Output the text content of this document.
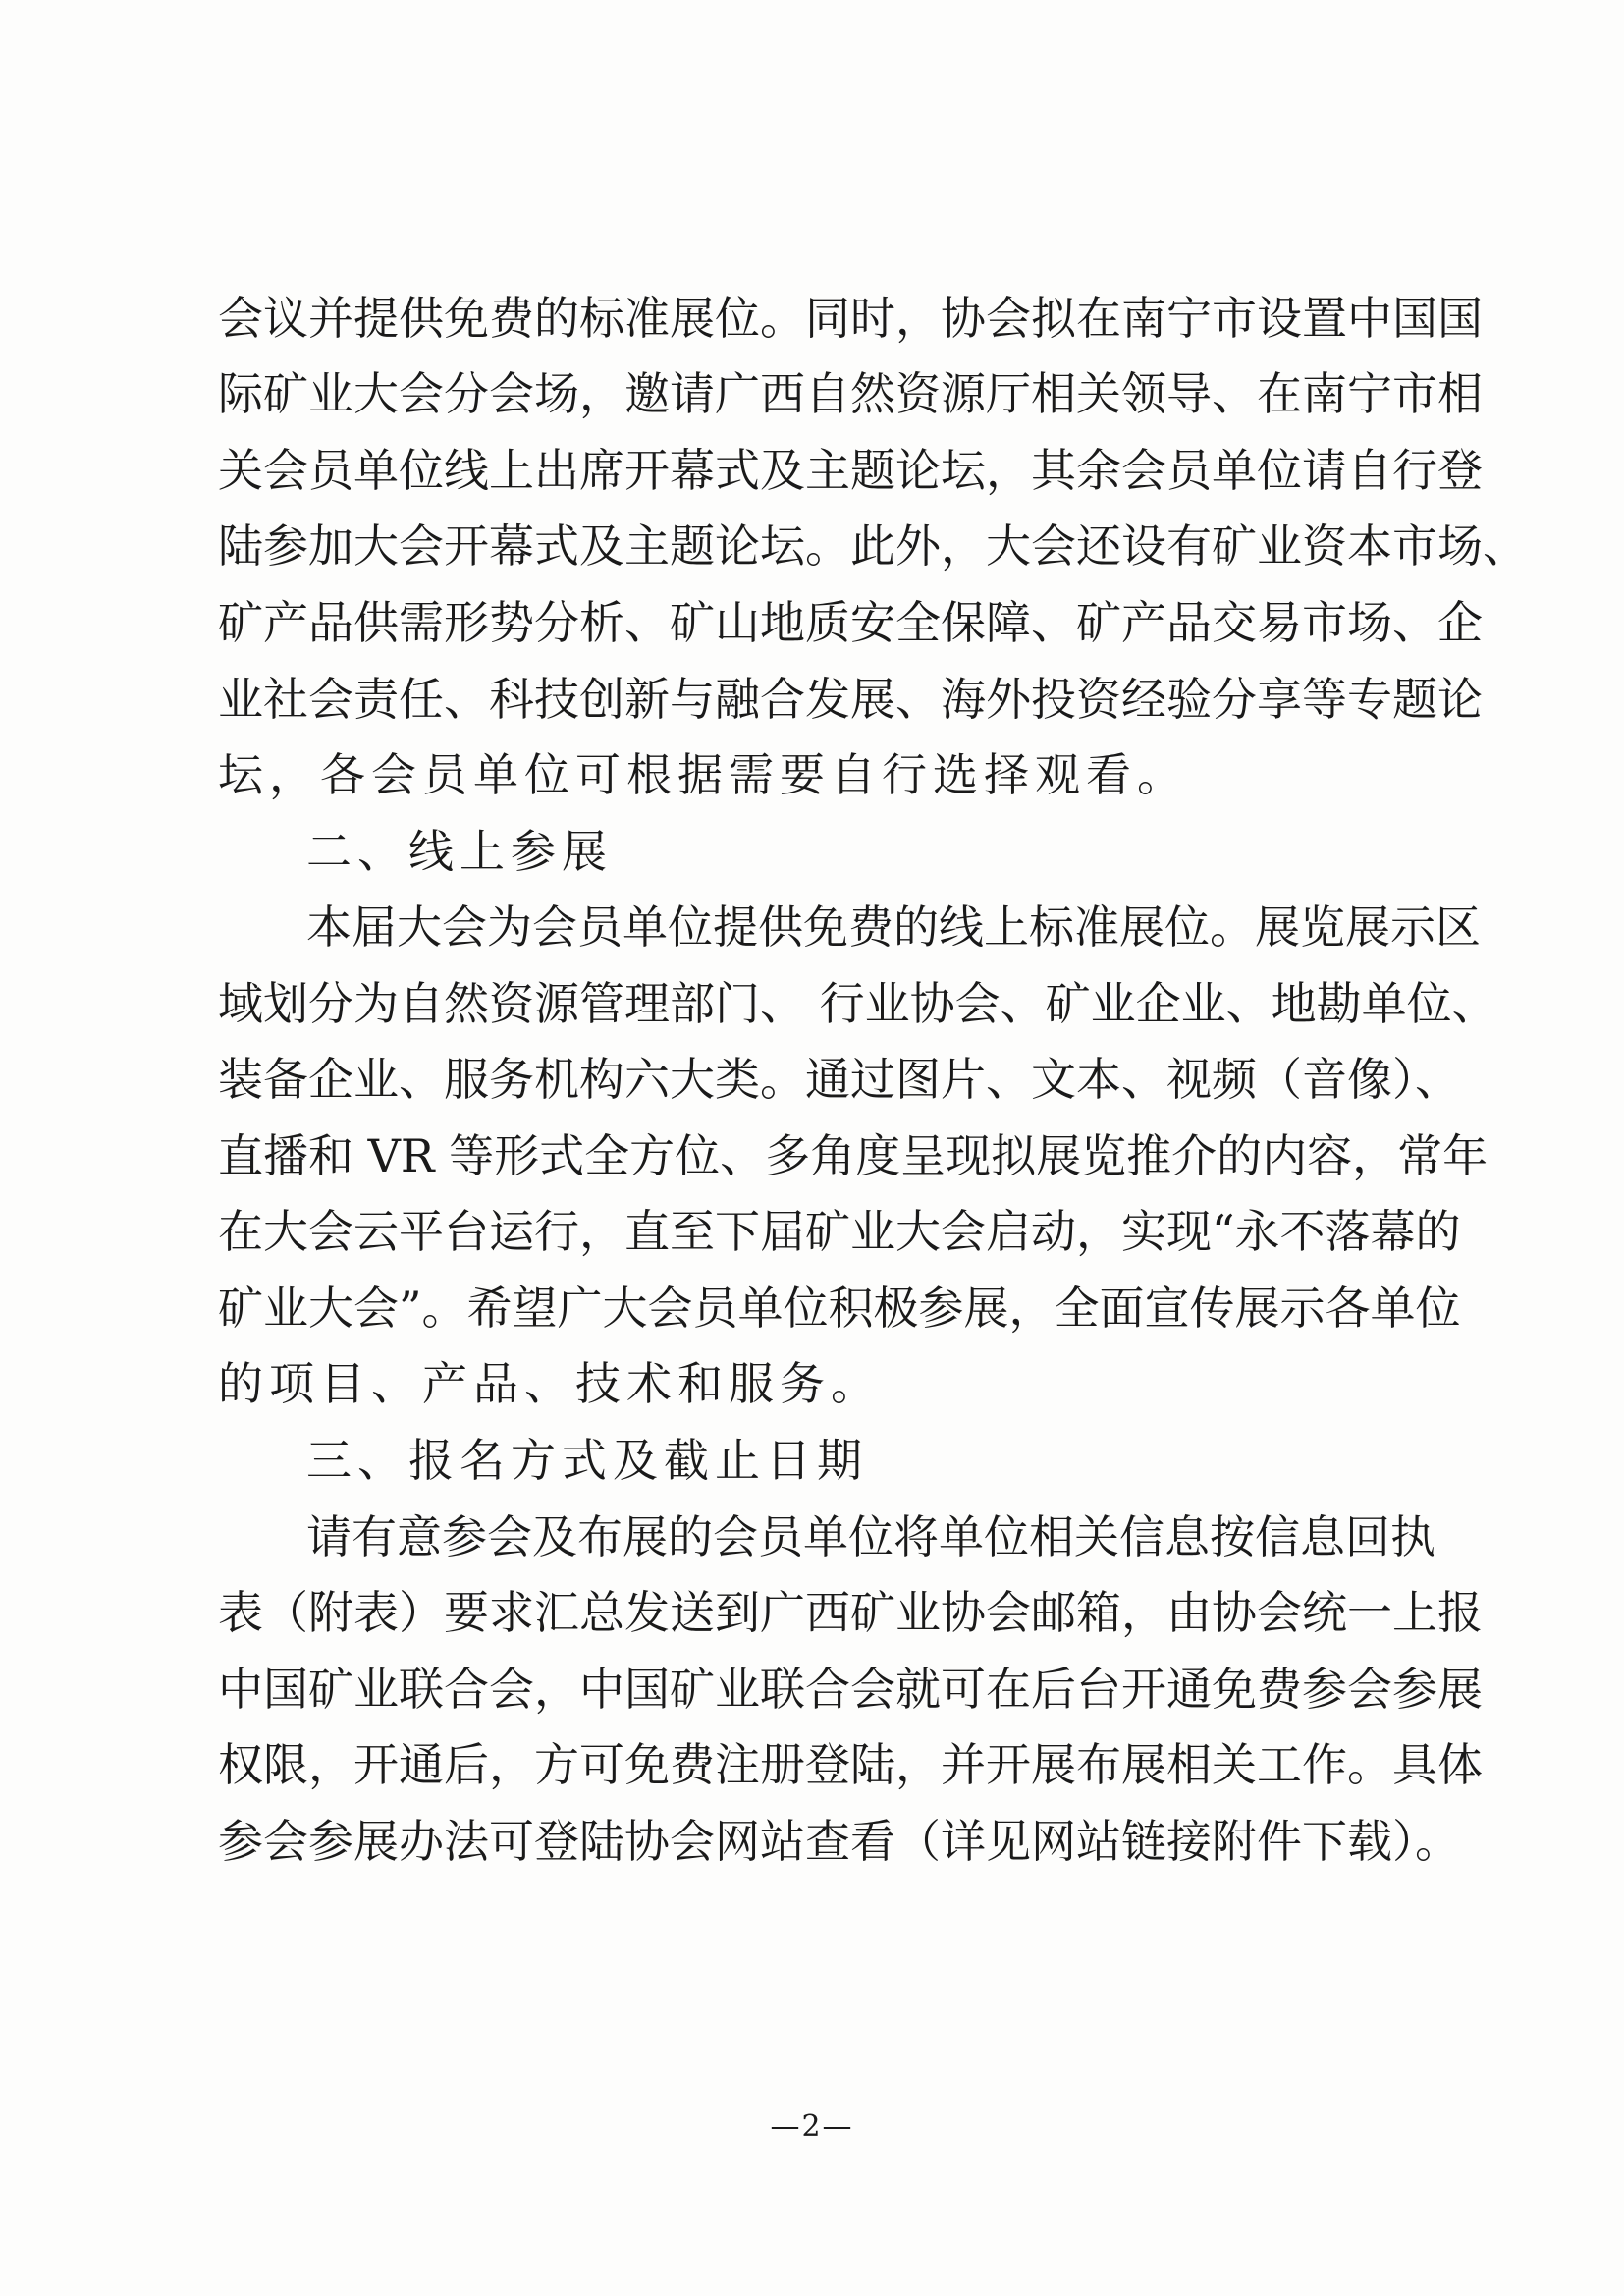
会议并提供免费的标准展位。同时，协会拟在南宁市设置中国国
际矿业大会分会场，邀请广西自然资源厅相关领导、在南宁市相
关会员单位线上出席开幕式及主题论坛，其余会员单位请自行登
陆参加大会开幕式及主题论坛。此外，大会还设有矿业资本市场、
矿产品供需形势分析、矿山地质安全保障、矿产品交易市场、企
业社会责任、科技创新与融合发展、海外投资经验分享等专题论
坛，各会员单位可根据需要自行选择观看。
二、线上参展
本届大会为会员单位提供免费的线上标准展位。展览展示区
域划分为自然资源管理部门、 行业协会、矿业企业、地勘单位、
装备企业、服务机构六大类。通过图片、文本、视频（音像）、
直播和 VR 等形式全方位、多角度呈现拟展览推介的内容，常年
在大会云平台运行，直至下届矿业大会启动，实现“永不落幕的
矿业大会”。希望广大会员单位积极参展，全面宣传展示各单位
的项目、产品、技术和服务。
三、报名方式及截止日期
请有意参会及布展的会员单位将单位相关信息按信息回执
表（附表）要求汇总发送到广西矿业协会邮箱，由协会统一上报
中国矿业联合会，中国矿业联合会就可在后台开通免费参会参展
权限，开通后，方可免费注册登陆，并开展布展相关工作。具体
参会参展办法可登陆协会网站查看（详见网站链接附件下载）。
—2—
